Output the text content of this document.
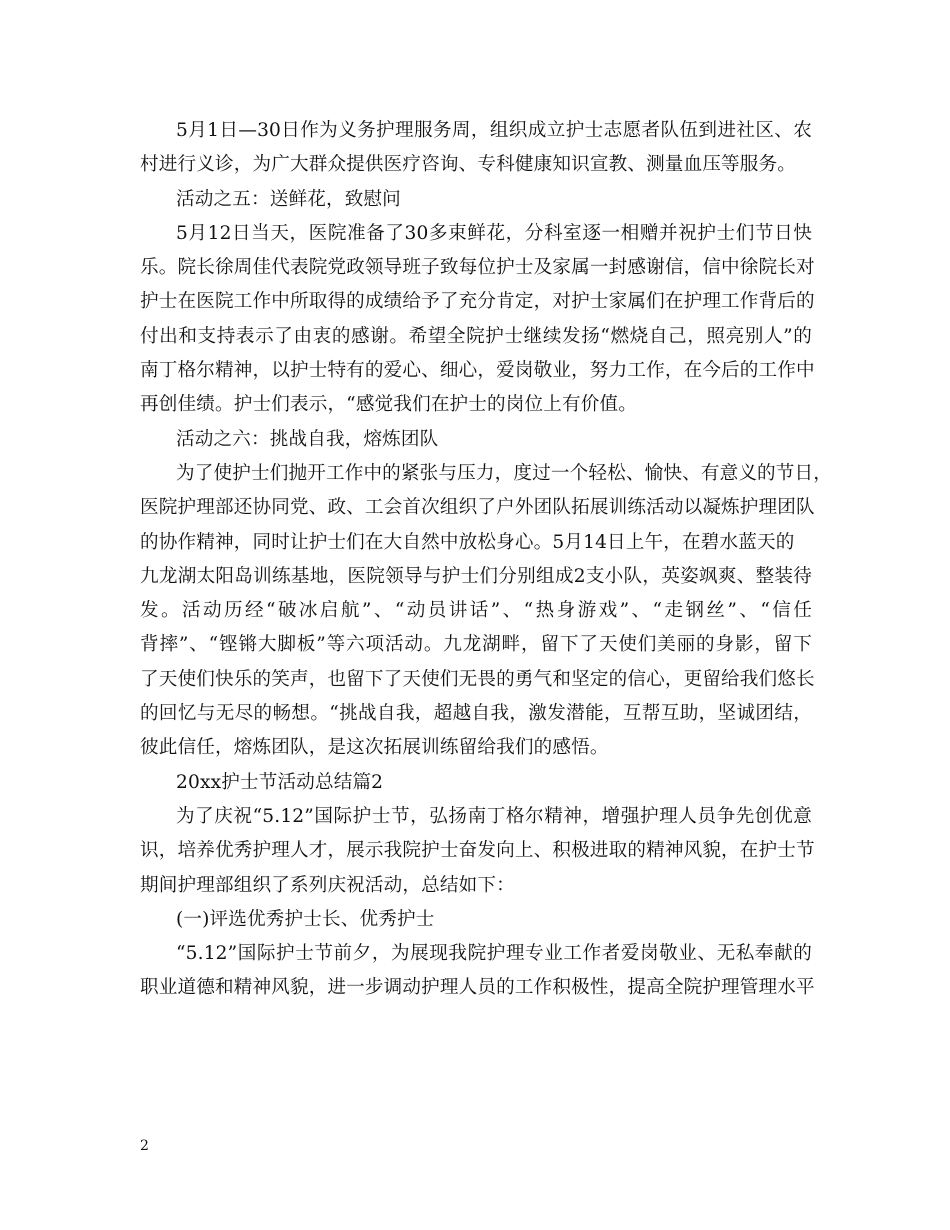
5月1日—30日作为义务护理服务周，组织成立护士志愿者队伍到进社区、农
村进行义诊，为广大群众提供医疗咨询、专科健康知识宣教、测量血压等服务。
活动之五：送鲜花，致慰问
5月12日当天，医院准备了30多束鲜花，分科室逐一相赠并祝护士们节日快
乐。院长徐周佳代表院党政领导班子致每位护士及家属一封感谢信，信中徐院长对
护士在医院工作中所取得的成绩给予了充分肯定，对护士家属们在护理工作背后的
付出和支持表示了由衷的感谢。希望全院护士继续发扬“燃烧自己，照亮别人”的
南丁格尔精神，以护士特有的爱心、细心，爱岗敬业，努力工作，在今后的工作中
再创佳绩。护士们表示，“感觉我们在护士的岗位上有价值。
活动之六：挑战自我，熔炼团队
为了使护士们抛开工作中的紧张与压力，度过一个轻松、愉快、有意义的节日，
医院护理部还协同党、政、工会首次组织了户外团队拓展训练活动以凝炼护理团队
的协作精神，同时让护士们在大自然中放松身心。5月14日上午，在碧水蓝天的
九龙湖太阳岛训练基地，医院领导与护士们分别组成2支小队，英姿飒爽、整装待
发。活动历经“破冰启航”、“动员讲话”、“热身游戏”、“走钢丝”、“信任
背摔”、“铿锵大脚板”等六项活动。九龙湖畔，留下了天使们美丽的身影，留下
了天使们快乐的笑声，也留下了天使们无畏的勇气和坚定的信心，更留给我们悠长
的回忆与无尽的畅想。“挑战自我，超越自我，激发潜能，互帮互助，坚诚团结，
彼此信任，熔炼团队，是这次拓展训练留给我们的感悟。
20xx护士节活动总结篇2
为了庆祝“5.12”国际护士节，弘扬南丁格尔精神，增强护理人员争先创优意
识，培养优秀护理人才，展示我院护士奋发向上、积极进取的精神风貌，在护士节
期间护理部组织了系列庆祝活动，总结如下：
(一)评选优秀护士长、优秀护士
“5.12”国际护士节前夕，为展现我院护理专业工作者爱岗敬业、无私奉献的
职业道德和精神风貌，进一步调动护理人员的工作积极性，提高全院护理管理水平
2
